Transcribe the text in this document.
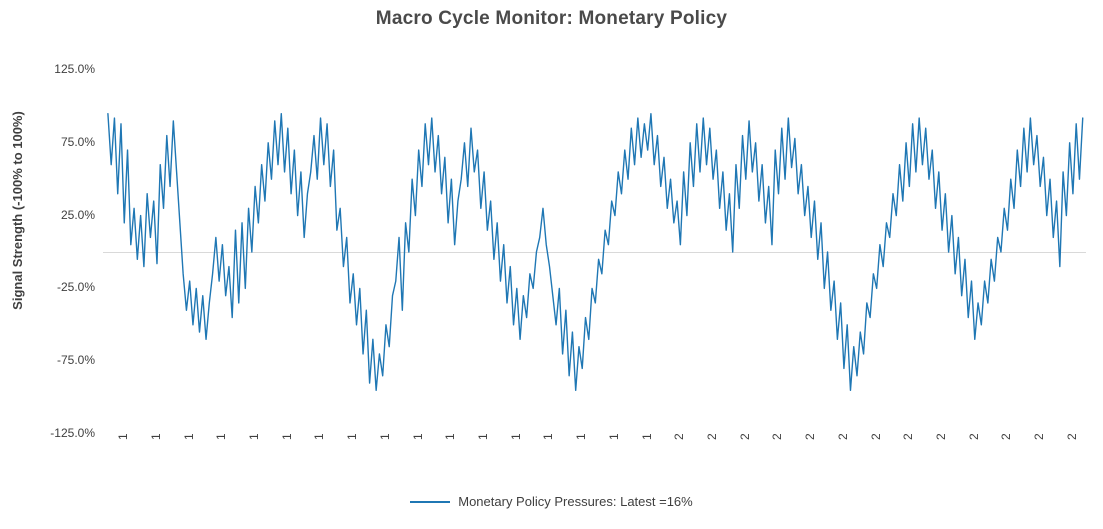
Macro Cycle Monitor: Monetary Policy
Signal Strength (-100% to 100%)
125.0%
75.0%
25.0%
-25.0%
-75.0%
-125.0%
Monetary Policy Pressures: Latest =16%
